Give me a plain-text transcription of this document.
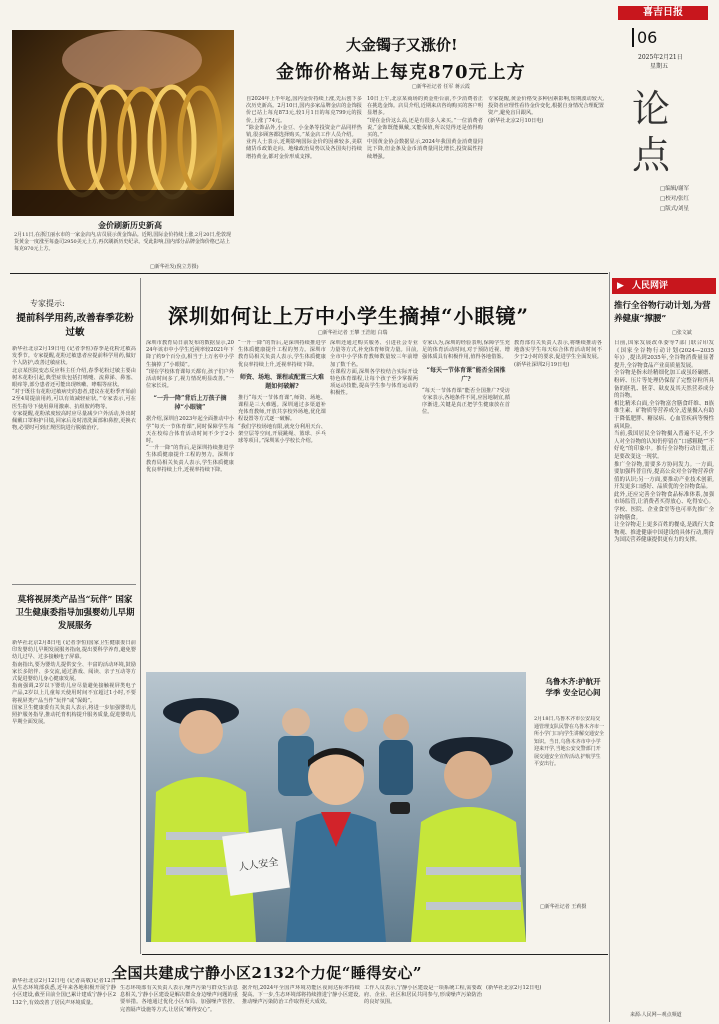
喜吉日报
06
2025年2月21日
星期五
论点
□编辑/谢军
□校对/张红
□版式/刘星
金价刷新历史新高
2月11日,在浙江丽水市的一家金店内,店员展示黄金饰品。近期,国际金价持续上涨,2月20日,伦敦现货黄金一度涨至每盎司2950美元上方,再次刷新历史纪录。受此影响,国内部分品牌金饰价格已站上每克870元上方。
□新华社发(倪立芳摄)
大金镯子又涨价!
金饰价格站上每克870元上方
□新华社记者 任军 蒋云霞

自2024年上半年起,国内金价持续上涨,先后创下多次历史新高。2月10日,国内多家品牌金店的金饰报价已站上每克873元,较1月1日的每克799元的报价,上涨了74元。

“除金饰品外,小金豆、小金条等投资金产品同样热销,很多顾客都选择购买。”某金店工作人员介绍。

业内人士表示,近期影响国际金价的因素较多,美联储货币政策走向、地缘政治局势以及各国央行持续增持黄金,都对金价形成支撑。

10日上午,北京某商场的黄金柜台前,不少消费者正在挑选金饰。店员介绍,近期来店咨询购买的客户明显增多。

“现在金价这么高,还是有很多人来买。”一位消费者说,“金饰既能佩戴,又能保值,所以觉得还是值得购买的。”

中国黄金协会数据显示,2024年我国黄金消费量同比下降,但金条及金币消费量同比增长,投资属性持续增强。

专家提醒,黄金价格受多种因素影响,短期波动较大,投资者应理性看待金价变化,根据自身情况合理配置资产,避免盲目跟风。

(新华社北京2月10日电)

专家提示:
提前科学用药,改善春季花粉过敏

新华社北京2月19日电 (记者李恒)春季是花粉过敏高发季节。专家提醒,花粉过敏患者应提前科学用药,做好个人防护,改善过敏症状。

北京某医院变态反应科主任介绍,春季花粉过敏主要由树木花粉引起,典型症状包括打喷嚏、流鼻涕、鼻塞、眼痒等,部分患者还可能出现咳嗽、哮喘等症状。

“对于既往有花粉过敏病史的患者,建议在花粉季开始前2至4周提前用药,可以有效减轻症状。”专家表示,可在医生指导下使用鼻用激素、抗组胺药物等。

专家提醒,花粉浓度较高时应尽量减少户外活动,外出时佩戴口罩和护目镜,回家后及时清洗面部和鼻腔,更换衣物,必要时可到正规医院进行脱敏治疗。

莫将视屏类产品当“玩伴” 国家卫生健康委指导加强婴幼儿早期发展服务

新华社北京2月8日电 (记者李恒)国家卫生健康委日前印发婴幼儿早期发展服务指南,提出要科学养育,避免婴幼儿过早、过多接触电子屏幕。

指南指出,要为婴幼儿提供安全、丰富的活动环境,鼓励家长多陪伴、多交流,通过游戏、阅读、亲子互动等方式促进婴幼儿身心健康发展。

指南强调,2岁以下婴幼儿应尽量避免接触视屏类电子产品,2岁以上儿童每天使用时间不宜超过1小时,不要将视屏类产品当作“玩伴”或“保姆”。

国家卫生健康委有关负责人表示,将进一步加强婴幼儿照护服务指导,推动托育机构提升服务质量,促进婴幼儿早期全面发展。

深圳如何让上万中小学生摘掉“小眼镜”
□新华社记者 王攀 王浩旭 白瑞

深圳市教育局日前发布的数据显示,2024年该市中小学生近视率较2021年下降了约9个百分点,相当于上万名中小学生摘掉了“小眼镜”。

“现在学校体育课每天都有,孩子们户外活动时间多了,视力情况明显改善。”一位家长说。

“一升一降”背后上万孩子摘掉“小眼镜”

据介绍,深圳自2023年起全面推动中小学“每天一节体育课”,同时保障学生每天在校综合体育活动时间不少于2小时。

“一升一降”的背后,是深圳持续推进学生体质健康提升工程的努力。深圳市教育局相关负责人表示,学生体质健康优良率持续上升,近视率持续下降。

“一升一降”的背后,是深圳持续推进学生体质健康提升工程的努力。深圳市教育局相关负责人表示,学生体质健康优良率持续上升,近视率持续下降。

师资、场地、课程或配置三大难题如何破解?

推行“每天一节体育课”,师资、场地、课程是三大难题。深圳通过多渠道补充体育教师,开放共享校外场地,优化课程设置等方式逐一破解。

“我们学校场地有限,就充分利用天台、架空层等空间,开展跳绳、篮球、乒乓球等项目。”深圳某小学校长介绍。

深圳还通过购买服务、引进社会专业力量等方式,补充体育师资力量。目前,全市中小学体育教师数量较三年前增加了数千名。

在课程方面,深圳各学校结合实际开设特色体育课程,让每个孩子至少掌握两项运动技能,提高学生参与体育运动的积极性。

专家认为,深圳的经验表明,保障学生充足的体育活动时间,对于预防近视、增强体质具有积极作用,值得各地借鉴。

“每天一节体育课”能否全国推广?

“每天一节体育课”能否全国推广?受访专家表示,各地条件不同,应因地制宜,循序渐进,关键是真正把学生健康放在首位。

教育部有关负责人表示,将继续推动各地落实学生每天综合体育活动时间不少于2小时的要求,促进学生全面发展。

(新华社深圳2月19日电)

人人安全
乌鲁木齐:护航开学季 安全记心间
2月18日,乌鲁木齐市公安局交通管理支队民警在乌鲁木齐市一所小学门口向学生讲解交通安全知识。当日,乌鲁木齐市中小学迎来开学,当地公安交警部门开展交通安全宣传活动,护航学生平安出行。
□新华社记者 王莉摄
全国共建成宁静小区2132个力促“睡得安心”

新华社北京2月12日电 (记者高敬)记者12日从生态环境部获悉,近年来各地积极开展宁静小区建设,截至目前全国已累计建成宁静小区2132个,有效改善了居民声环境质量。

生态环境部有关负责人表示,噪声污染与群众生活息息相关,宁静小区建设是解决群众身边噪声问题的重要举措。各地通过优化小区布局、加强噪声管控、完善隔声设施等方式,让居民“睡得安心”。

据介绍,2024年全国声环境功能区夜间达标率持续提高。下一步,生态环境部将持续推进宁静小区建设,推动噪声污染防治工作取得更大成效。

工作人员表示,宁静小区建设是一项系统工程,需要政府、企业、社区和居民共同参与,形成噪声污染防治的良好氛围。

(新华社北京2月12日电)

▶ 人民网评
推行全谷物行动计划,为营养健康“撑腰”
□张文斌

日前,国家发展改革委等7部门联合印发《国家全谷物行动计划(2024—2035年)》,提出到2035年,全谷物消费量显著提升,全谷物食品产业高质量发展。

全谷物是指未经精细化加工或虽经碾磨、粉碎、压片等处理仍保留了完整谷粒所具备的胚乳、胚芽、麸皮及其天然营养成分的谷物。

相比精米白面,全谷物富含膳食纤维、B族维生素、矿物质等营养成分,适量摄入有助于降低肥胖、糖尿病、心血管疾病等慢性病风险。

当前,我国居民全谷物摄入普遍不足,不少人对全谷物的认知仍停留在“口感粗糙”“不好吃”的印象中。推行全谷物行动计划,正是要改变这一现状。

推广全谷物,需要多方协同发力。一方面,要加强科普宣传,提高公众对全谷物营养价值的认识;另一方面,要推动产业技术创新,开发更多口感好、品质优的全谷物食品。

此外,还应完善全谷物食品标准体系,加强市场监管,让消费者买得放心、吃得安心。学校、医院、企业食堂等也可率先推广全谷物膳食。

让全谷物走上更多百姓的餐桌,是践行大食物观、推进健康中国建设的具体行动,期待为国民营养健康提供更有力的支撑。

来源:人民网—观点频道
